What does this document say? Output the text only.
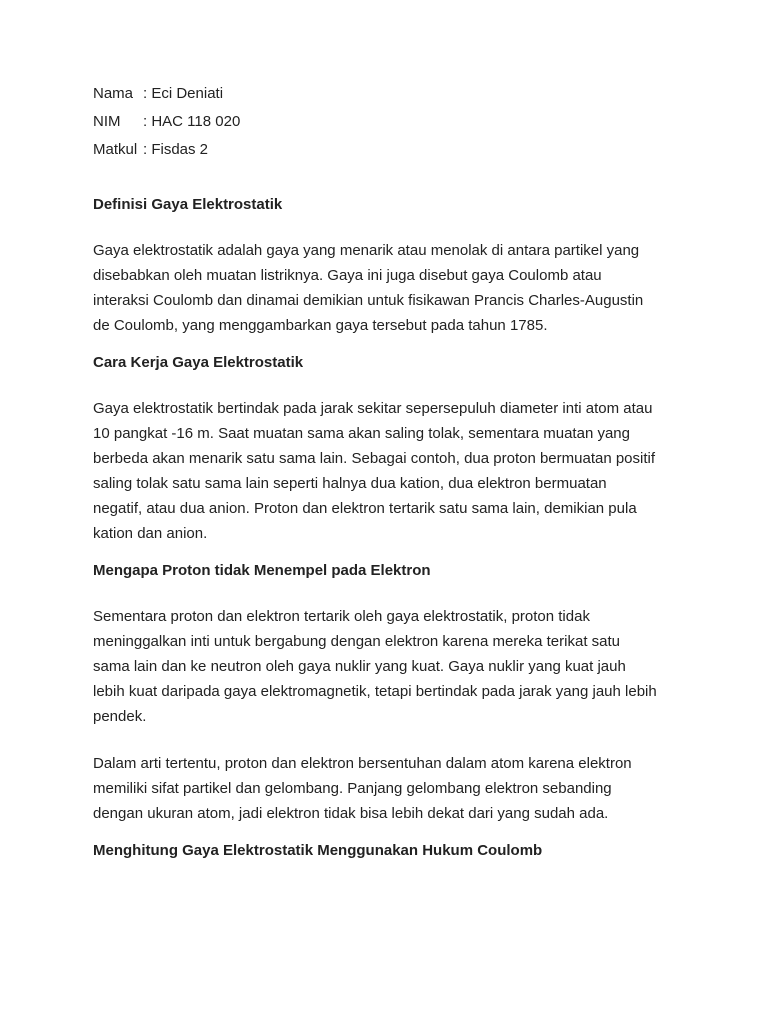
Nama : Eci Deniati
NIM : HAC 118 020
Matkul : Fisdas 2
Definisi Gaya Elektrostatik
Gaya elektrostatik adalah gaya yang menarik atau menolak di antara partikel yang
disebabkan oleh muatan listriknya. Gaya ini juga disebut gaya Coulomb atau
interaksi Coulomb dan dinamai demikian untuk fisikawan Prancis Charles-Augustin
de Coulomb, yang menggambarkan gaya tersebut pada tahun 1785.
Cara Kerja Gaya Elektrostatik
Gaya elektrostatik bertindak pada jarak sekitar sepersepuluh diameter inti atom atau
10 pangkat -16 m. Saat muatan sama akan saling tolak, sementara muatan yang
berbeda akan menarik satu sama lain. Sebagai contoh, dua proton bermuatan positif
saling tolak satu sama lain seperti halnya dua kation, dua elektron bermuatan
negatif, atau dua anion. Proton dan elektron tertarik satu sama lain, demikian pula
kation dan anion.
Mengapa Proton tidak Menempel pada Elektron
Sementara proton dan elektron tertarik oleh gaya elektrostatik, proton tidak
meninggalkan inti untuk bergabung dengan elektron karena mereka terikat satu
sama lain dan ke neutron oleh gaya nuklir yang kuat. Gaya nuklir yang kuat jauh
lebih kuat daripada gaya elektromagnetik, tetapi bertindak pada jarak yang jauh lebih
pendek.
Dalam arti tertentu, proton dan elektron bersentuhan dalam atom karena elektron
memiliki sifat partikel dan gelombang. Panjang gelombang elektron sebanding
dengan ukuran atom, jadi elektron tidak bisa lebih dekat dari yang sudah ada.
Menghitung Gaya Elektrostatik Menggunakan Hukum Coulomb
